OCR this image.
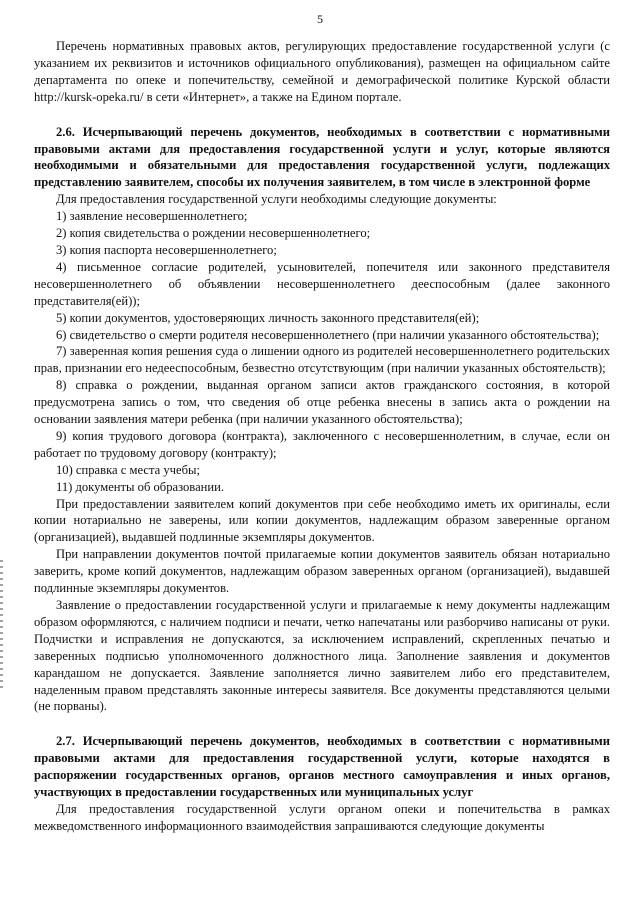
5

Перечень нормативных правовых актов, регулирующих предоставление государственной услуги (с указанием их реквизитов и источников официального опубликования), размещен на официальном сайте департамента по опеке и попечительству, семейной и демографической политике Курской области http://kursk-opeka.ru/ в сети «Интернет», а также на Едином портале.

2.6. Исчерпывающий перечень документов, необходимых в соответствии с нормативными правовыми актами для предоставления государственной услуги и услуг, которые являются необходимыми и обязательными для предоставления государственной услуги, подлежащих представлению заявителем, способы их получения заявителем, в том числе в электронной форме

Для предоставления государственной услуги необходимы следующие документы:

1) заявление несовершеннолетнего;

2) копия свидетельства о рождении несовершеннолетнего;

3) копия паспорта несовершеннолетнего;

4) письменное согласие родителей, усыновителей, попечителя или законного представителя несовершеннолетнего об объявлении несовершеннолетнего дееспособным (далее законного представителя(ей));

5) копии документов, удостоверяющих личность законного представителя(ей);

6) свидетельство о смерти родителя несовершеннолетнего (при наличии указанного обстоятельства);

7) заверенная копия решения суда о лишении одного из родителей несовершеннолетнего родительских прав, признании его недееспособным, безвестно отсутствующим (при наличии указанных обстоятельств);

8) справка о рождении, выданная органом записи актов гражданского состояния, в которой предусмотрена запись о том, что сведения об отце ребенка внесены в запись акта о рождении на основании заявления матери ребенка (при наличии указанного обстоятельства);

9) копия трудового договора (контракта), заключенного с несовершеннолетним, в случае, если он работает по трудовому договору (контракту);

10) справка с места учебы;

11) документы об образовании.

При предоставлении заявителем копий документов при себе необходимо иметь их оригиналы, если копии нотариально не заверены, или копии документов, надлежащим образом заверенные органом (организацией), выдавшей подлинные экземпляры документов.

При направлении документов почтой прилагаемые копии документов заявитель обязан нотариально заверить, кроме копий документов, надлежащим образом заверенных органом (организацией), выдавшей подлинные экземпляры документов.

Заявление о предоставлении государственной услуги и прилагаемые к нему документы надлежащим образом оформляются, с наличием подписи и печати, четко напечатаны или разборчиво написаны от руки. Подчистки и исправления не допускаются, за исключением исправлений, скрепленных печатью и заверенных подписью уполномоченного должностного лица. Заполнение заявления и документов карандашом не допускается. Заявление заполняется лично заявителем либо его представителем, наделенным правом представлять законные интересы заявителя. Все документы представляются целыми (не порваны).

2.7. Исчерпывающий перечень документов, необходимых в соответствии с нормативными правовыми актами для предоставления государственной услуги, которые находятся в распоряжении государственных органов, органов местного самоуправления и иных органов, участвующих в предоставлении государственных или муниципальных услуг

Для предоставления государственной услуги органом опеки и попечительства в рамках межведомственного информационного взаимодействия запрашиваются следующие документы
